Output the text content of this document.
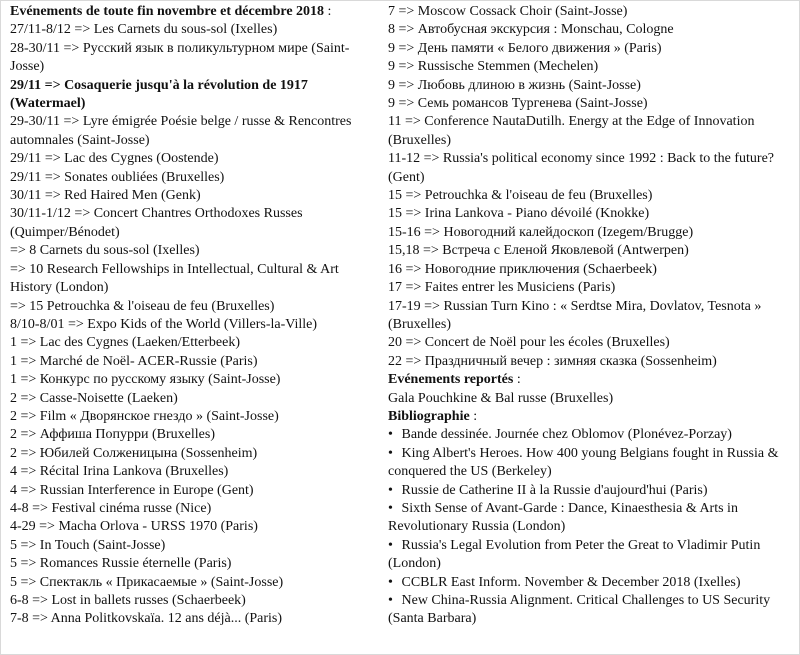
Evénements de toute fin novembre et décembre 2018 :

27/11-8/12 => Les Carnets du sous-sol (Ixelles)

28-30/11 => Русский язык в поликультурном мире (Saint-Josse)

29/11 => Cosaquerie jusqu'à la révolution de 1917 (Watermael)

29-30/11 => Lyre émigrée Poésie belge / russe & Rencontres automnales (Saint-Josse)

29/11 => Lac des Cygnes (Oostende)

29/11 => Sonates oubliées (Bruxelles)

30/11 => Red Haired Men (Genk)

30/11-1/12 => Concert Chantres Orthodoxes Russes (Quimper/Bénodet)

=> 8 Carnets du sous-sol (Ixelles)

=> 10 Research Fellowships in Intellectual, Cultural & Art History (London)

=> 15 Petrouchka & l'oiseau de feu (Bruxelles)

8/10-8/01 => Expo Kids of the World (Villers-la-Ville)

1 => Lac des Cygnes (Laeken/Etterbeek)

1 => Marché de Noël- ACER-Russie (Paris)

1 => Конкурс по русскому языку (Saint-Josse)

2 => Casse-Noisette (Laeken)

2 => Film « Дворянское гнездо » (Saint-Josse)

2 => Аффиша Попурри (Bruxelles)

2 => Юбилей Солженицына (Sossenheim)

4 => Récital Irina Lankova (Bruxelles)

4 => Russian Interference in Europe (Gent)

4-8 => Festival cinéma russe (Nice)

4-29 => Macha Orlova - URSS 1970 (Paris)

5 => In Touch (Saint-Josse)

5 => Romances Russie éternelle (Paris)

5 => Спектакль « Прикасаемые » (Saint-Josse)

6-8 => Lost in ballets russes (Schaerbeek)

7-8 => Anna Politkovskaïa. 12 ans déjà... (Paris)

7 => Moscow Cossack Choir (Saint-Josse)

8 => Автобусная экскурсия : Monschau, Cologne

9 => День памяти « Белого движения » (Paris)

9 => Russische Stemmen (Mechelen)

9 => Любовь длиною в жизнь (Saint-Josse)

9 => Семь романсов Тургенева (Saint-Josse)

11 => Conference NautaDutilh. Energy at the Edge of Innovation (Bruxelles)

11-12 => Russia's political economy since 1992 : Back to the future? (Gent)

15 => Petrouchka & l'oiseau de feu (Bruxelles)

15 => Irina Lankova - Piano dévoilé (Knokke)

15-16 => Новогодний калейдоскоп (Izegem/Brugge)

15,18 => Встреча с Еленой Яковлевой (Antwerpen)

16 => Новогодние приключения (Schaerbeek)

17 => Faites entrer les Musiciens (Paris)

17-19 => Russian Turn Kino : « Serdtse Mira, Dovlatov, Tesnota » (Bruxelles)

20 => Concert de Noël pour les écoles (Bruxelles)

22 => Праздничный вечер : зимняя сказка (Sossenheim)

Evénements reportés :

Gala Pouchkine & Bal russe (Bruxelles)

Bibliographie :

• Bande dessinée. Journée chez Oblomov (Plonévez-Porzay)

• King Albert's Heroes. How 400 young Belgians fought in Russia & conquered the US (Berkeley)

• Russie de Catherine II à la Russie d'aujourd'hui (Paris)

• Sixth Sense of Avant-Garde : Dance, Kinaesthesia & Arts in Revolutionary Russia (London)

• Russia's Legal Evolution from Peter the Great to Vladimir Putin (London)

• CCBLR East Inform. November & December 2018 (Ixelles)

• New China-Russia Alignment. Critical Challenges to US Security (Santa Barbara)
